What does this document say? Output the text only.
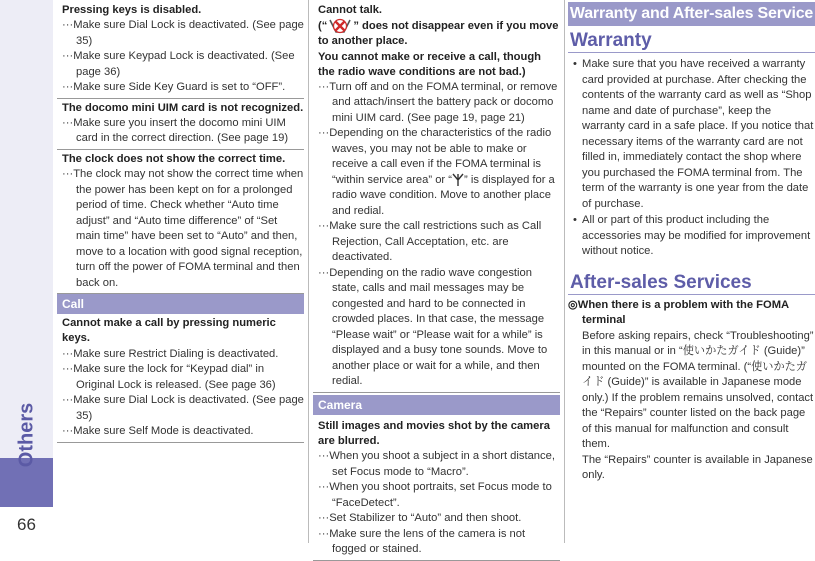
Others
66
Pressing keys is disabled.
···Make sure Dial Lock is deactivated. (See page 35)
···Make sure Keypad Lock is deactivated. (See page 36)
···Make sure Side Key Guard is set to “OFF”.
The docomo mini UIM card is not recognized.
···Make sure you insert the docomo mini UIM card in the correct direction. (See page 19)
The clock does not show the correct time.
···The clock may not show the correct time when the power has been kept on for a prolonged period of time. Check whether “Auto time adjust” and “Auto time difference” of “Set main time” have been set to “Auto” and then, move to a location with good signal reception, turn off the power of FOMA terminal and then back on.
Call
Cannot make a call by pressing numeric keys.
···Make sure Restrict Dialing is deactivated.
···Make sure the lock for “Keypad dial” in Original Lock is released. (See page 36)
···Make sure Dial Lock is deactivated. (See page 35)
···Make sure Self Mode is deactivated.
Cannot talk.
(“ ” does not disappear even if you move to another place.
You cannot make or receive a call, though the radio wave conditions are not bad.)
···Turn off and on the FOMA terminal, or remove and attach/insert the battery pack or docomo mini UIM card. (See page 19, page 21)
···Depending on the characteristics of the radio waves, you may not be able to make or receive a call even if the FOMA terminal is “within service area” or “ ” is displayed for a radio wave condition. Move to another place and redial.
···Make sure the call restrictions such as Call Rejection, Call Acceptation, etc. are deactivated.
···Depending on the radio wave congestion state, calls and mail messages may be congested and hard to be connected in crowded places. In that case, the message “Please wait” or “Please wait for a while” is displayed and a busy tone sounds. Move to another place or wait for a while, and then redial.
Camera
Still images and movies shot by the camera are blurred.
···When you shoot a subject in a short distance, set Focus mode to “Macro”.
···When you shoot portraits, set Focus mode to “FaceDetect”.
···Set Stabilizer to “Auto” and then shoot.
···Make sure the lens of the camera is not fogged or stained.
Warranty and After-sales Service
Warranty
• Make sure that you have received a warranty card provided at purchase. After checking the contents of the warranty card as well as “Shop name and date of purchase”, keep the warranty card in a safe place. If you notice that necessary items of the warranty card are not filled in, immediately contact the shop where you purchased the FOMA terminal from. The term of the warranty is one year from the date of purchase.
• All or part of this product including the accessories may be modified for improvement without notice.
After-sales Services
◎When there is a problem with the FOMA terminal
Before asking repairs, check “Troubleshooting” in this manual or in “使いかたガイド (Guide)” mounted on the FOMA terminal. (“使いかたガイド (Guide)” is available in Japanese mode only.) If the problem remains unsolved, contact the “Repairs” counter listed on the back page of this manual for malfunction and consult them.
The “Repairs” counter is available in Japanese only.
